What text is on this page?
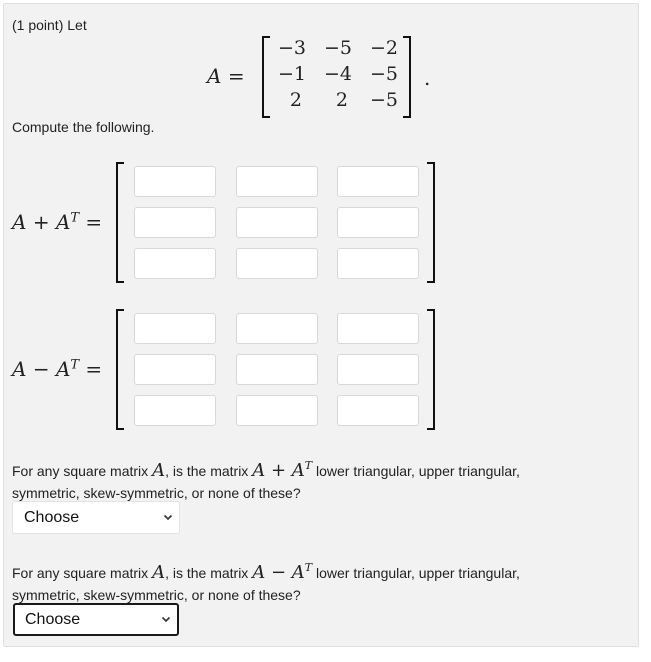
(1 point) Let
A =
−3 −5 −2
−1 −4 −5
2	2	−5
.
Compute the following.
$A + A^T$ =
$A - A^T$ =
For any square matrix A, is the matrix $A + A^T$ lower triangular, upper triangular,
symmetric, skew-symmetric, or none of these?
Choose
For any square matrix A, is the matrix $A - A^T$ lower triangular, upper triangular,
symmetric, skew-symmetric, or none of these?
Choose
